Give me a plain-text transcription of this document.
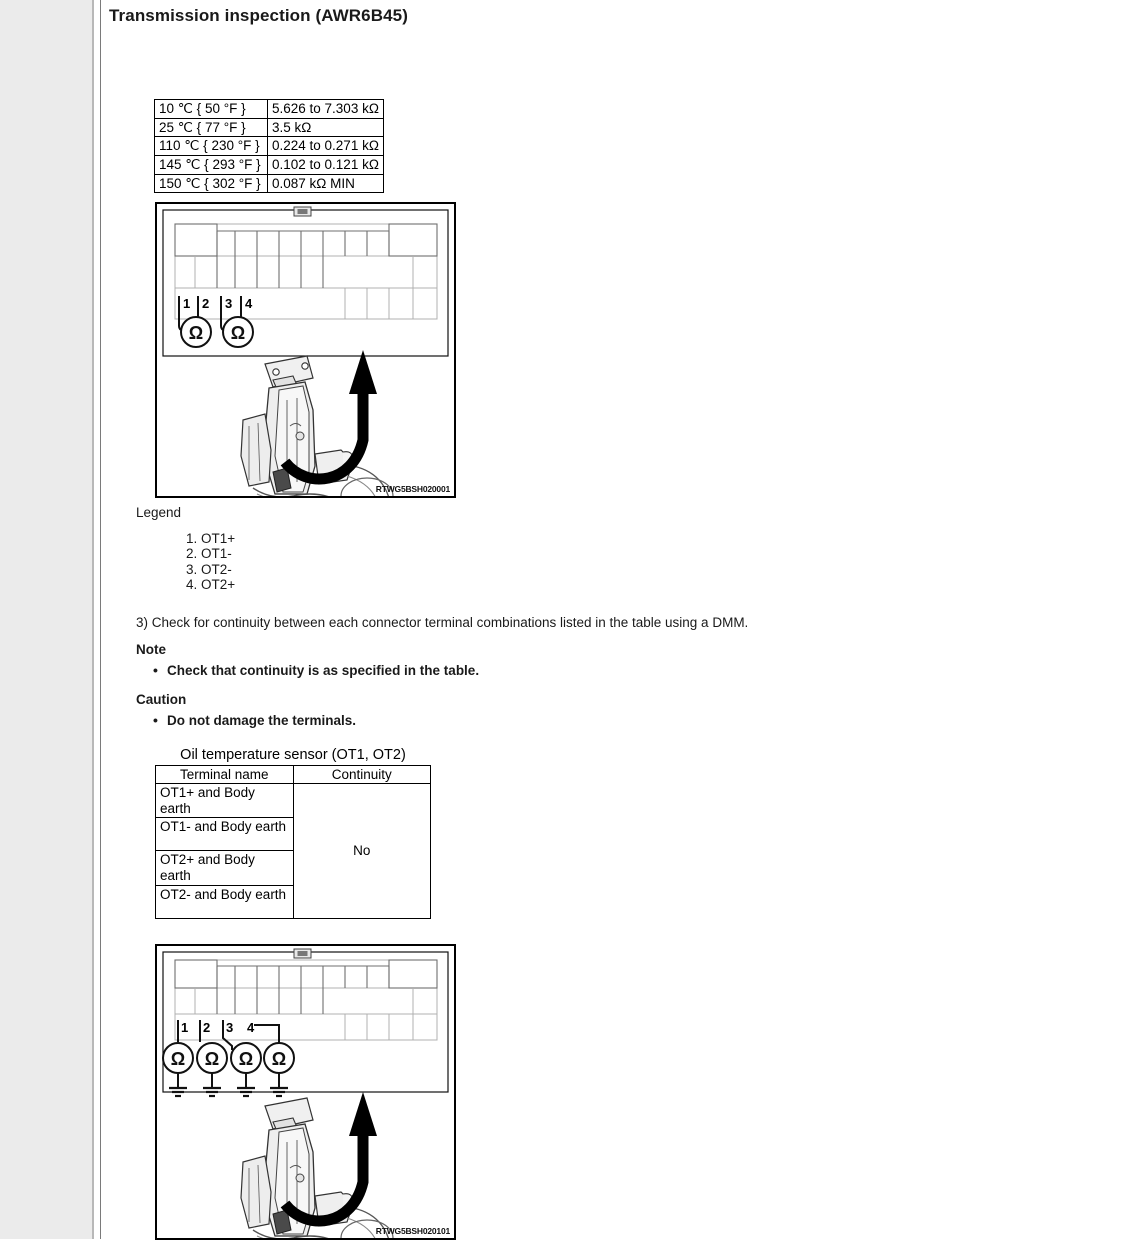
Transmission inspection (AWR6B45)
10 ℃ { 50 °F }	5.626 to 7.303 kΩ
25 ℃ { 77 °F }	3.5 kΩ
110 ℃ { 230 °F }	0.224 to 0.271 kΩ
145 ℃ { 293 °F }	0.102 to 0.121 kΩ
150 ℃ { 302 °F }	0.087 kΩ MIN
1 2 3 4
Ω Ω
RTWG5BSH020001
Legend
1. OT1+
2. OT1-
3. OT2-
4. OT2+
3) Check for continuity between each connector terminal combinations listed in the table using a DMM.
Note
• Check that continuity is as specified in the table.
Caution
• Do not damage the terminals.
Oil temperature sensor (OT1, OT2)
Terminal name	Continuity
OT1+ and Body earth	No
OT1- and Body earth	
OT2+ and Body earth	
OT2- and Body earth	
1 2 3 4
Ω Ω Ω Ω
RTWG5BSH020101
